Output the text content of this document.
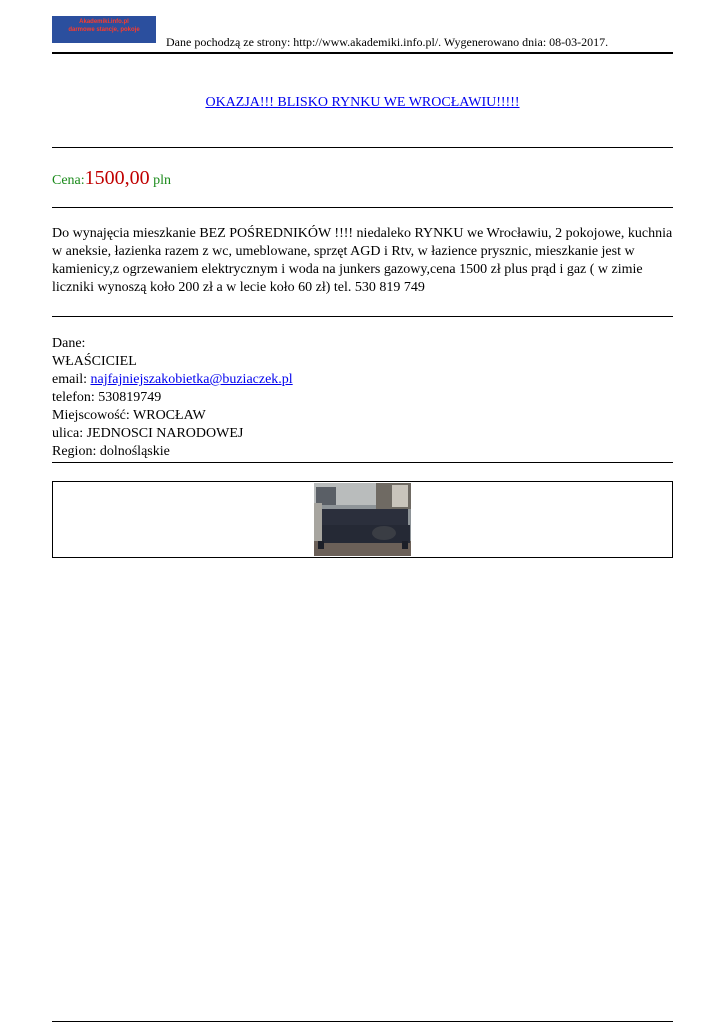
Akademiki.info.pl
darmowe stancje, pokoje
Dane pochodzą ze strony: http://www.akademiki.info.pl/. Wygenerowano dnia: 08-03-2017.
OKAZJA!!! BLISKO RYNKU WE WROCŁAWIU!!!!!
Cena:1500,00 pln
Do wynajęcia mieszkanie BEZ POŚREDNIKÓW !!!! niedaleko RYNKU we Wrocławiu, 2 pokojowe, kuchnia w aneksie, łazienka razem z wc, umeblowane, sprzęt AGD i Rtv, w łazience prysznic, mieszkanie jest w kamienicy,z ogrzewaniem elektrycznym i woda na junkers gazowy,cena 1500 zł plus prąd i gaz ( w zimie liczniki wynoszą koło 200 zł a w lecie koło 60 zł) tel. 530 819 749
Dane:
WŁAŚCICIEL
email: najfajniejszakobietka@buziaczek.pl
telefon: 530819749
Miejscowość: WROCŁAW
ulica: JEDNOSCI NARODOWEJ
Region: dolnośląskie
